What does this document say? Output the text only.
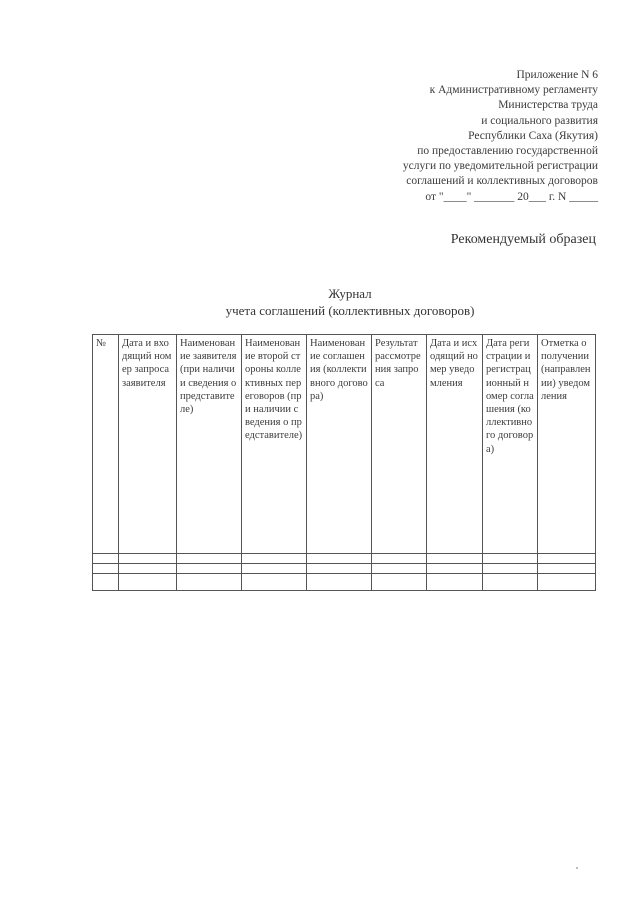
Приложение N 6
к Административному регламенту
Министерства труда
и социального развития
Республики Саха (Якутия)
по предоставлению государственной
услуги по уведомительной регистрации
соглашений и коллективных договоров
от "____" _______ 20___ г. N _____
Рекомендуемый образец
Журнал
учета соглашений (коллективных договоров)
№	Дата и входящий номер запроса заявителя	Наименование заявителя (при наличии сведения о представителе)	Наименование второй стороны коллективных переговоров (при наличии сведения о представителе)	Наименование соглашения (коллективного договора)	Результат рассмотрения запроса	Дата и исходящий номер уведомления	Дата регистрации и регистрационный номер соглашения (коллективного договора)	Отметка о получении (направлении) уведомления
